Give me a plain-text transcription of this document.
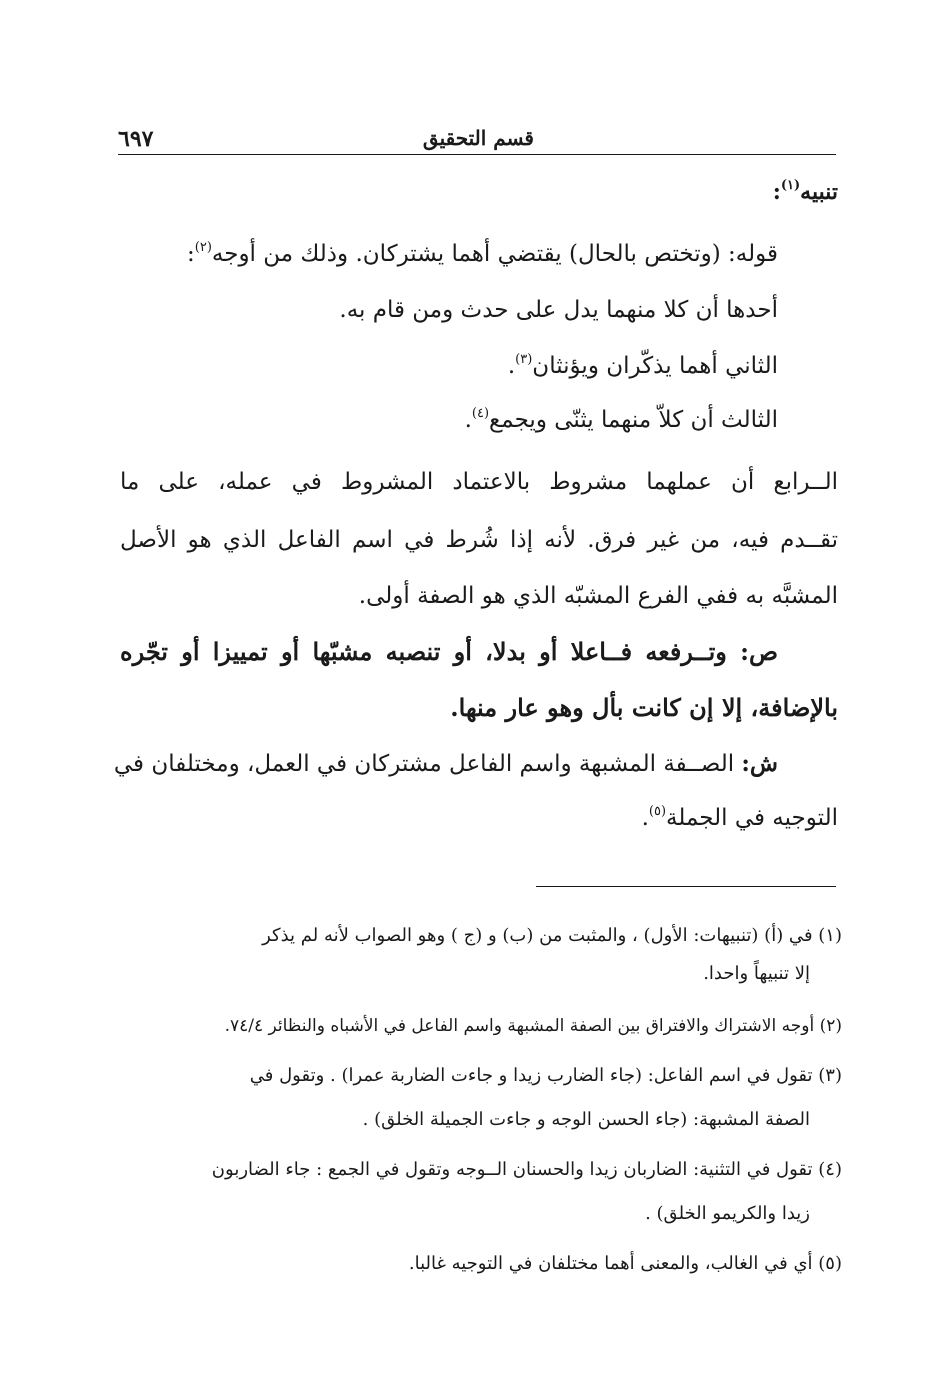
قسم التحقيق
٦٩٧
تنبيه$^{(١)}$:
قوله: (وتختص بالحال) يقتضي أهما يشتركان. وذلك من أوجه$^{(٢)}$:
أحدها أن كلا منهما يدل على حدث ومن قام به.
الثاني أهما يذكّران ويؤنثان$^{(٣)}$.
الثالث أن كلاّ منهما يثنّى ويجمع$^{(٤)}$.
الــرابع أن عملهما مشروط بالاعتماد المشروط في عمله، على ما
تقــدم فيه، من غير فرق. لأنه إذا شُرط في اسم الفاعل الذي هو الأصل
المشبَّه به ففي الفرع المشبّه الذي هو الصفة أولى.
ص: وتــرفعه فــاعلا أو بدلا، أو تنصبه مشبّها أو تمييزا أو تجّره
بالإضافة، إلا إن كانت بأل وهو عار منها.
ش: الصــفة المشبهة واسم الفاعل مشتركان في العمل، ومختلفان في
التوجيه في الجملة$^{(٥)}$.
(١) في (أ) (تنبيهات: الأول) ، والمثبت من (ب) و (ج ) وهو الصواب لأنه لم يذكر
إلا تنبيهاً واحدا.
(٢) أوجه الاشتراك والافتراق بين الصفة المشبهة واسم الفاعل في الأشباه والنظائر ٧٤/٤.
(٣) تقول في اسم الفاعل: (جاء الضارب زيدا و جاءت الضاربة عمرا) . وتقول في
الصفة المشبهة: (جاء الحسن الوجه و جاءت الجميلة الخلق) .
(٤) تقول في التثنية: الضاربان زيدا والحسنان الــوجه وتقول في الجمع : جاء الضاربون
زيدا والكريمو الخلق) .
(٥) أي في الغالب، والمعنى أهما مختلفان في التوجيه غالبا.
